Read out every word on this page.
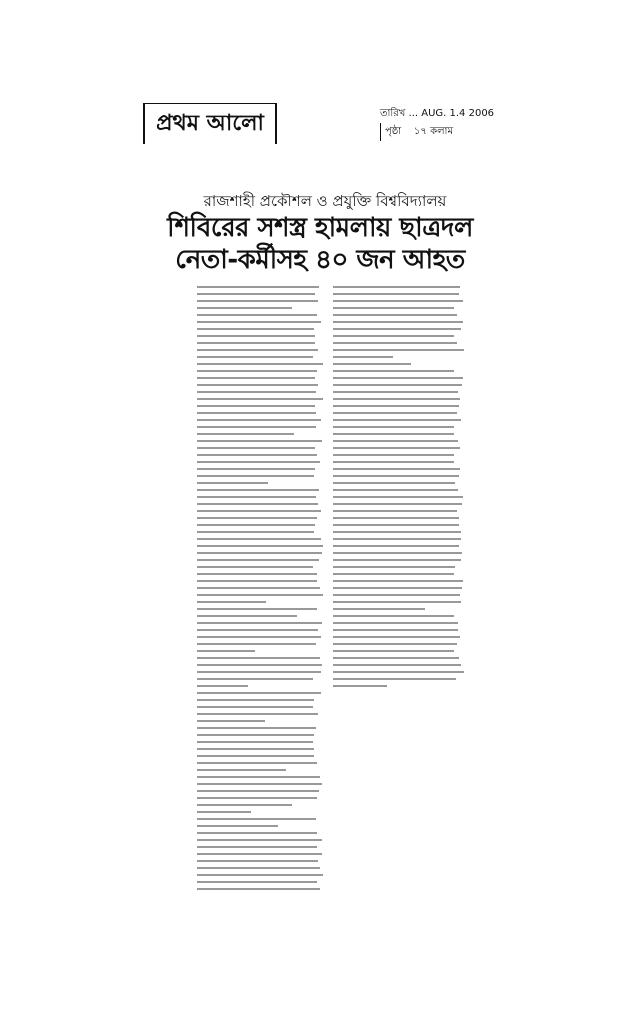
প্রথম আলো	তারিখ ... AUG. 1.4 2006
পৃষ্ঠা ১৭ কলাম
রাজশাহী প্রকৌশল ও প্রযুক্তি বিশ্ববিদ্যালয়
শিবিরের সশস্ত্র হামলায় ছাত্রদল
নেতা-কর্মীসহ ৪০ জন আহত
